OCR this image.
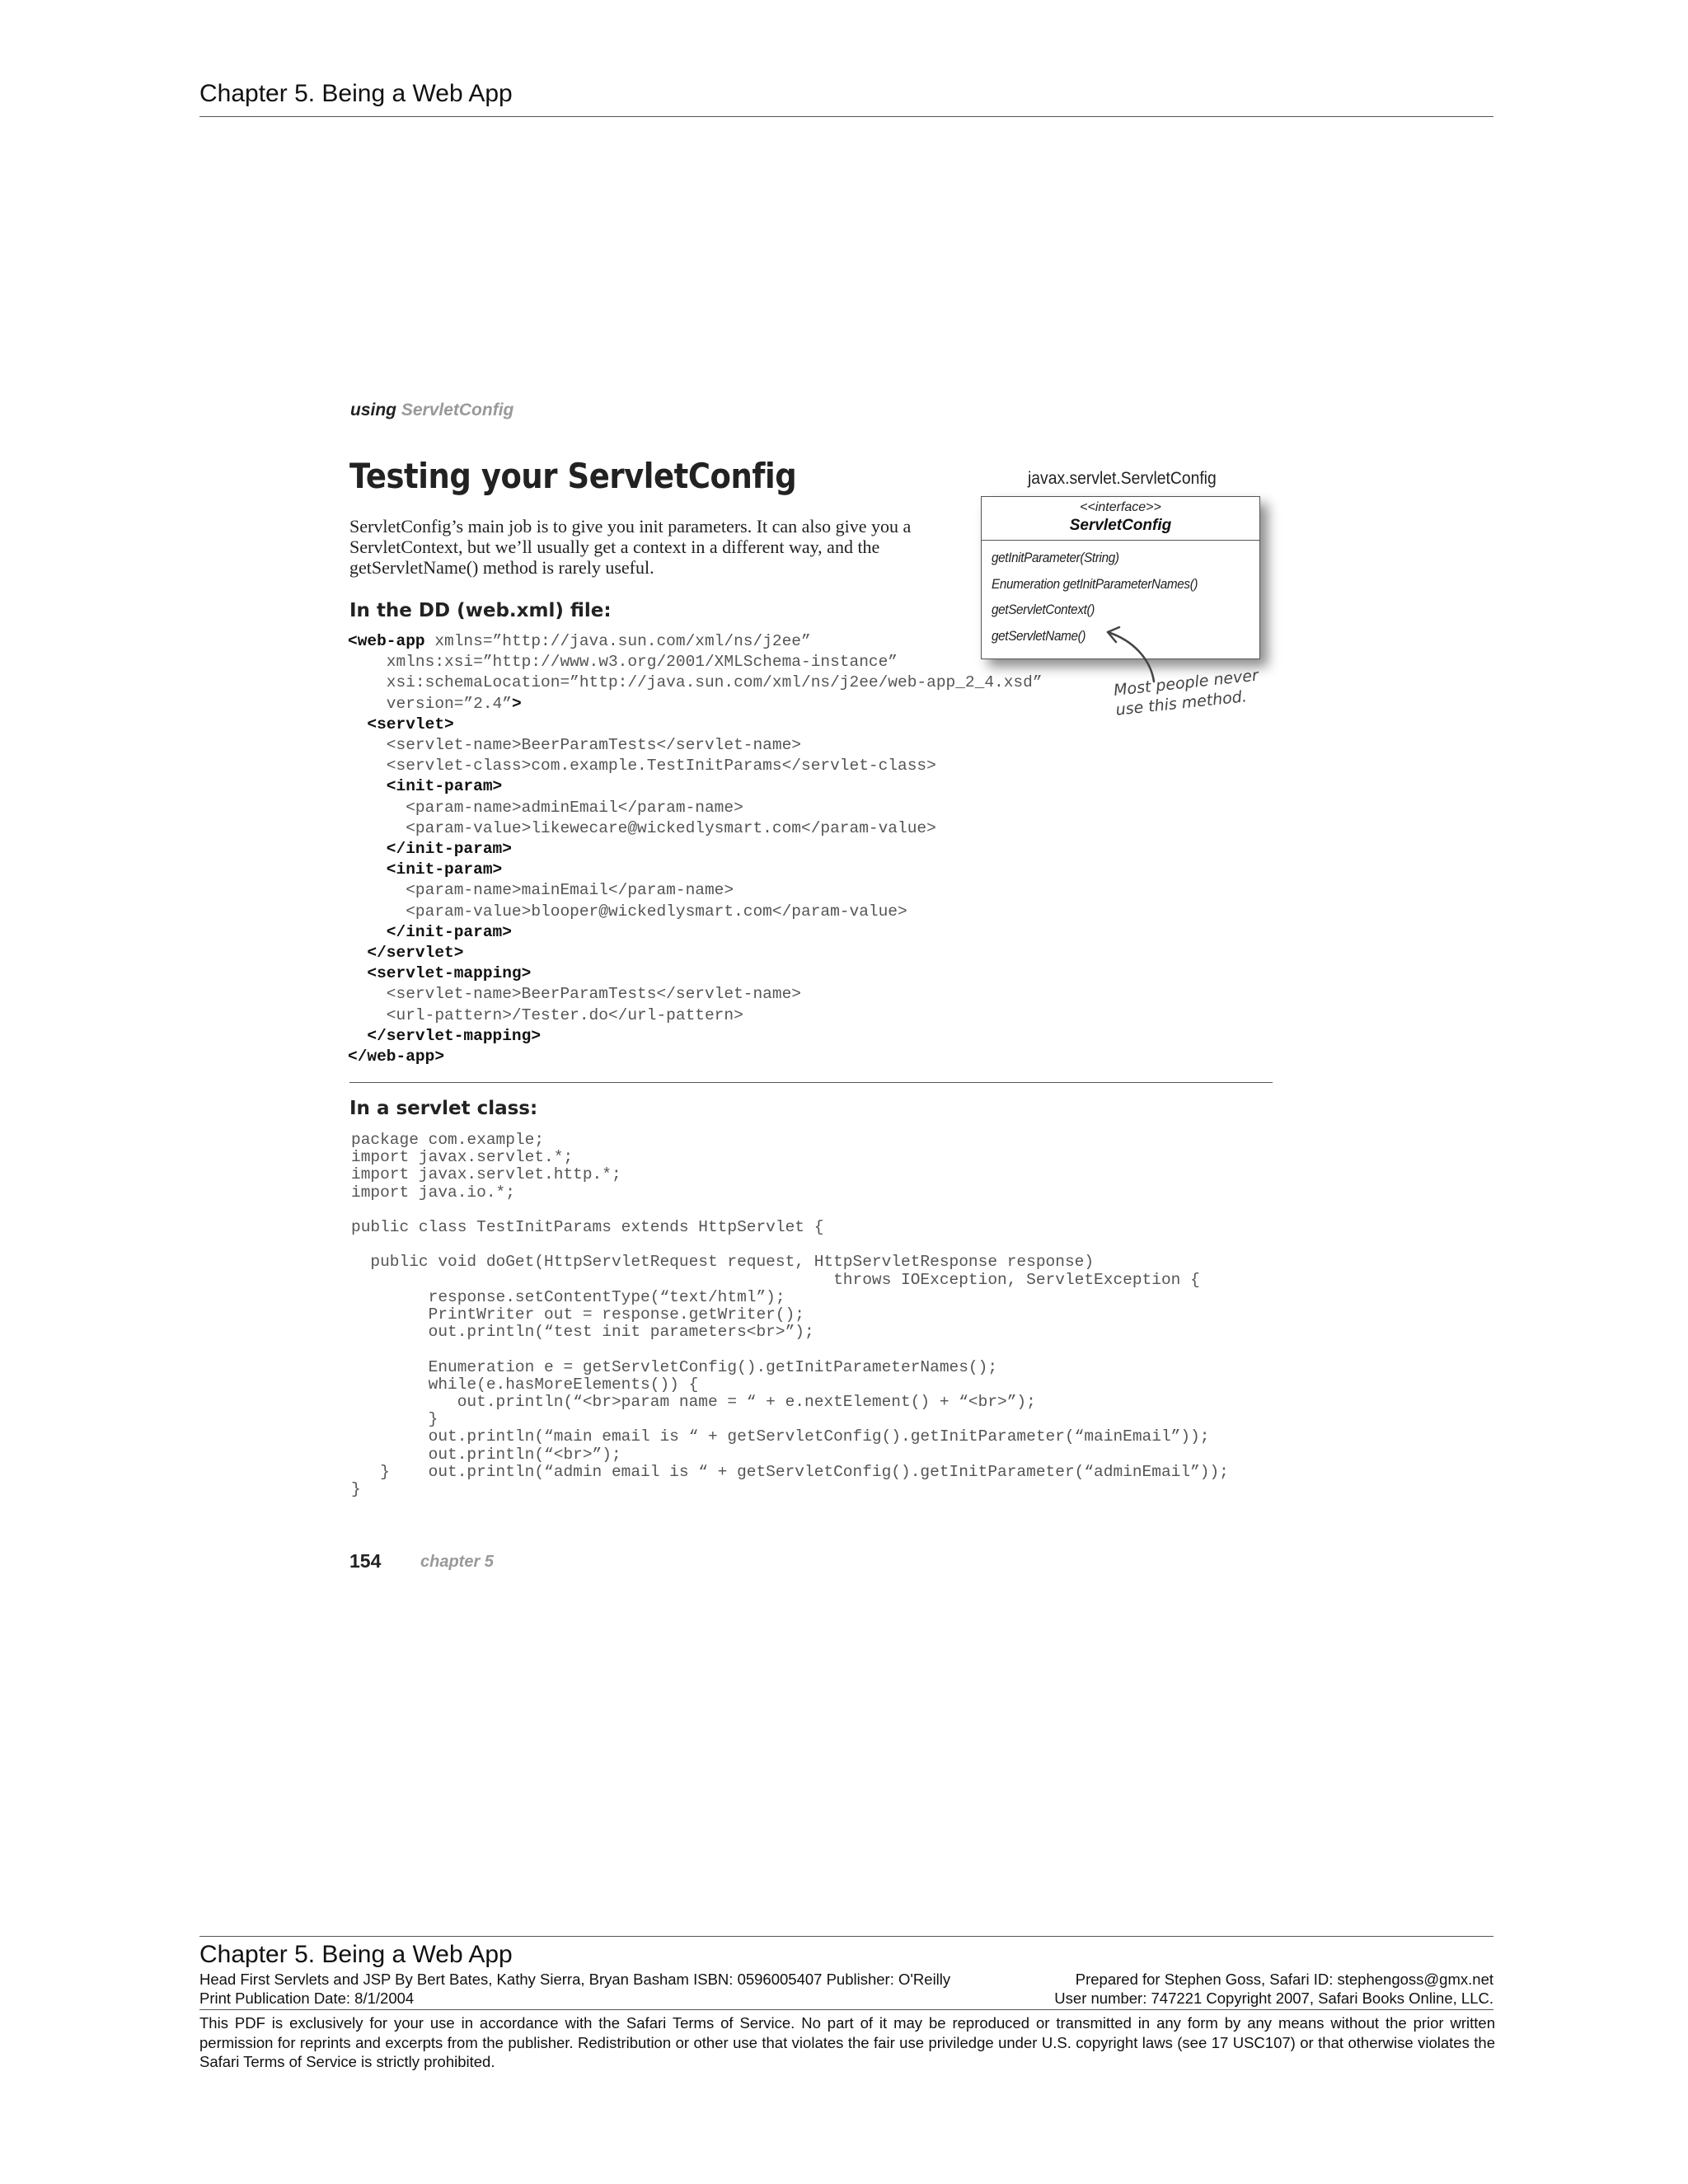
Chapter 5. Being a Web App
using ServletConfig
Testing your ServletConfig
ServletConfig’s main job is to give you init parameters. It can also give you a ServletContext, but we’ll usually get a context in a different way, and the getServletName() method is rarely useful.
In the DD (web.xml) file:
<web-app xmlns=”http://java.sun.com/xml/ns/j2ee”
xmlns:xsi=”http://www.w3.org/2001/XMLSchema-instance”
xsi:schemaLocation=”http://java.sun.com/xml/ns/j2ee/web-app_2_4.xsd”
version=”2.4”>
<servlet>
<servlet-name>BeerParamTests</servlet-name>
<servlet-class>com.example.TestInitParams</servlet-class>
<init-param>
<param-name>adminEmail</param-name>
<param-value>likewecare@wickedlysmart.com</param-value>
</init-param>
<init-param>
<param-name>mainEmail</param-name>
<param-value>blooper@wickedlysmart.com</param-value>
</init-param>
</servlet>
<servlet-mapping>
<servlet-name>BeerParamTests</servlet-name>
<url-pattern>/Tester.do</url-pattern>
</servlet-mapping>
</web-app>
javax.servlet.ServletConfig
<<interface>>
ServletConfig
getInitParameter(String)
Enumeration getInitParameterNames()
getServletContext()
getServletName()
Most people never use this method.
In a servlet class:
package com.example;
import javax.servlet.*;
import javax.servlet.http.*;
import java.io.*;

public class TestInitParams extends HttpServlet {

public void doGet(HttpServletRequest request, HttpServletResponse response)
throws IOException, ServletException {
response.setContentType(“text/html”);
PrintWriter out = response.getWriter();
out.println(“test init parameters<br>”);

Enumeration e = getServletConfig().getInitParameterNames();
while(e.hasMoreElements()) {
out.println(“<br>param name = “ + e.nextElement() + “<br>”);
}
out.println(“main email is “ + getServletConfig().getInitParameter(“mainEmail”));
out.println(“<br>”);
}    out.println(“admin email is “ + getServletConfig().getInitParameter(“adminEmail”));
}
154 chapter 5
Chapter 5. Being a Web App
Head First Servlets and JSP By Bert Bates, Kathy Sierra, Bryan Basham ISBN: 0596005407 Publisher: O'Reilly	Prepared for Stephen Goss, Safari ID: stephengoss@gmx.net
Print Publication Date: 8/1/2004	User number: 747221 Copyright 2007, Safari Books Online, LLC.
This PDF is exclusively for your use in accordance with the Safari Terms of Service. No part of it may be reproduced or transmitted in any form by any means without the prior written permission for reprints and excerpts from the publisher. Redistribution or other use that violates the fair use priviledge under U.S. copyright laws (see 17 USC107) or that otherwise violates the Safari Terms of Service is strictly prohibited.
